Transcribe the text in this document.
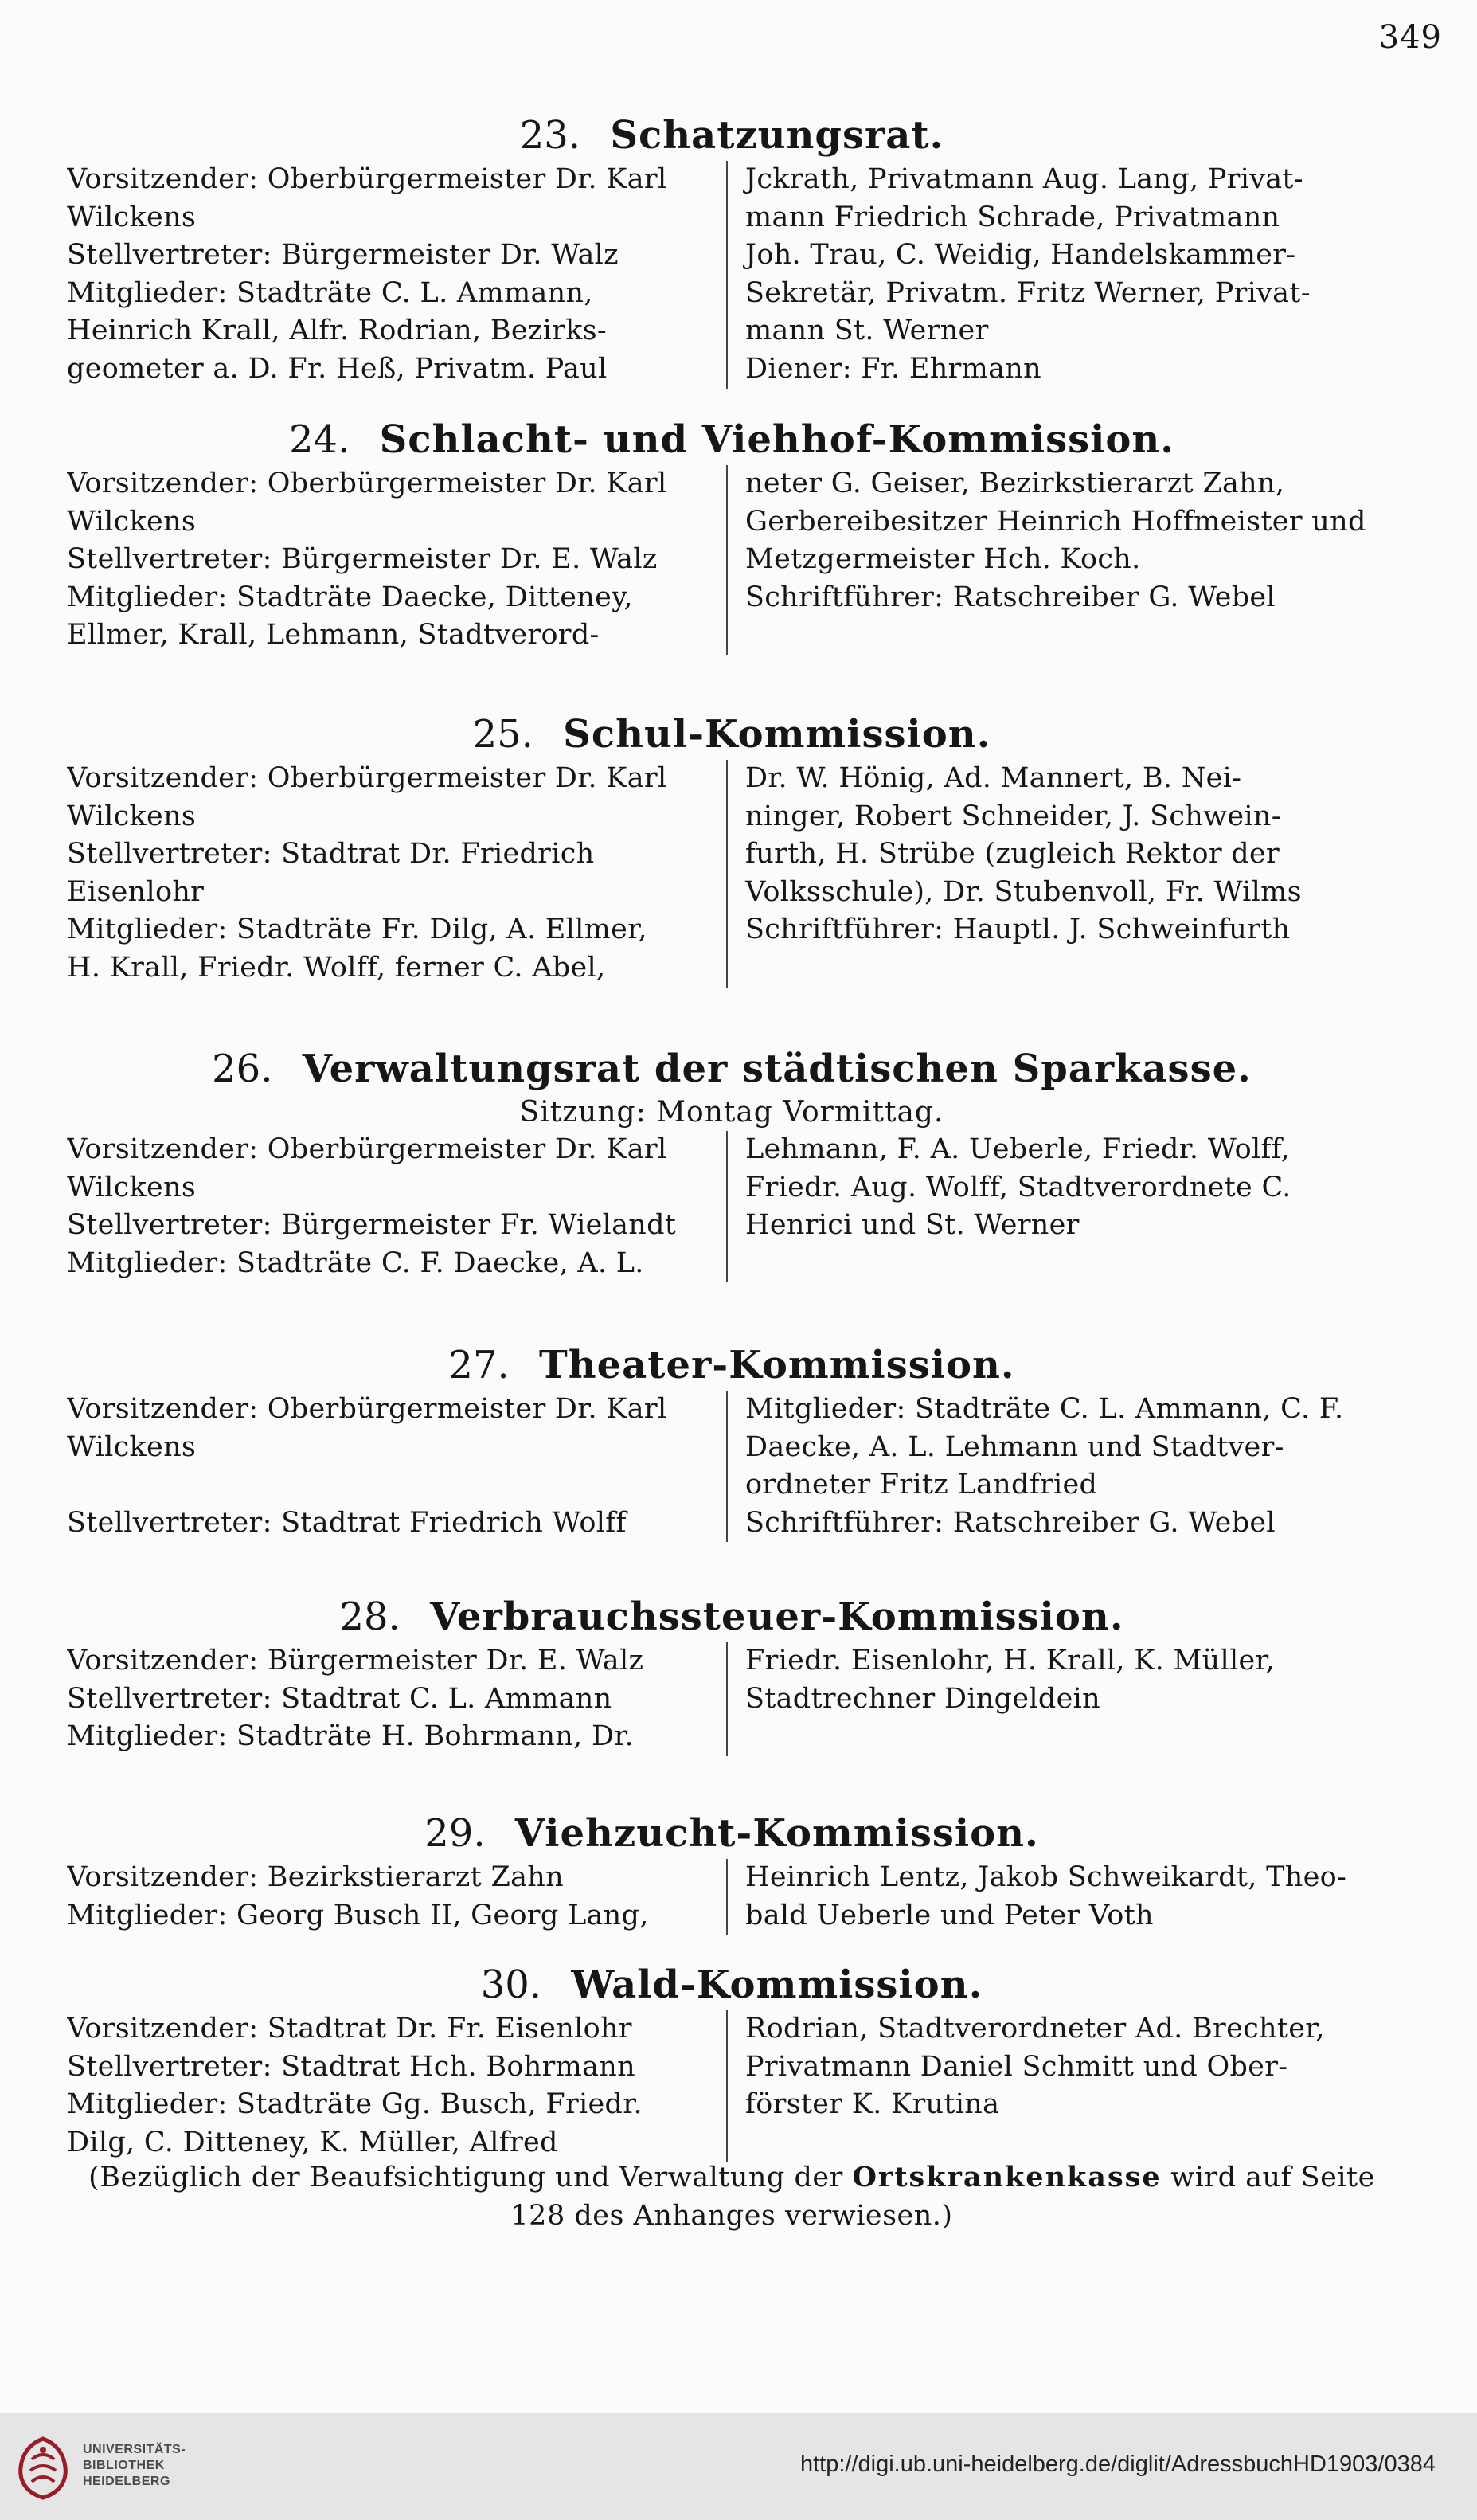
349
23. Schatzungsrat.
Vorsitzender: Oberbürgermeister Dr. Karl
Wilckens
Stellvertreter: Bürgermeister Dr. Walz
Mitglieder: Stadträte C. L. Ammann,
Heinrich Krall, Alfr. Rodrian, Bezirks-
geometer a. D. Fr. Heß, Privatm. Paul
Jckrath, Privatmann Aug. Lang, Privat-
mann Friedrich Schrade, Privatmann
Joh. Trau, C. Weidig, Handelskammer-
Sekretär, Privatm. Fritz Werner, Privat-
mann St. Werner
Diener: Fr. Ehrmann
24. Schlacht- und Viehhof-Kommission.
Vorsitzender: Oberbürgermeister Dr. Karl
Wilckens
Stellvertreter: Bürgermeister Dr. E. Walz
Mitglieder: Stadträte Daecke, Ditteney,
Ellmer, Krall, Lehmann, Stadtverord-
neter G. Geiser, Bezirkstierarzt Zahn,
Gerbereibesitzer Heinrich Hoffmeister und
Metzgermeister Hch. Koch.
Schriftführer: Ratschreiber G. Webel
25. Schul-Kommission.
Vorsitzender: Oberbürgermeister Dr. Karl
Wilckens
Stellvertreter: Stadtrat Dr. Friedrich
Eisenlohr
Mitglieder: Stadträte Fr. Dilg, A. Ellmer,
H. Krall, Friedr. Wolff, ferner C. Abel,
Dr. W. Hönig, Ad. Mannert, B. Nei-
ninger, Robert Schneider, J. Schwein-
furth, H. Strübe (zugleich Rektor der
Volksschule), Dr. Stubenvoll, Fr. Wilms
Schriftführer: Hauptl. J. Schweinfurth
26. Verwaltungsrat der städtischen Sparkasse.
Sitzung: Montag Vormittag.
Vorsitzender: Oberbürgermeister Dr. Karl
Wilckens
Stellvertreter: Bürgermeister Fr. Wielandt
Mitglieder: Stadträte C. F. Daecke, A. L.
Lehmann, F. A. Ueberle, Friedr. Wolff,
Friedr. Aug. Wolff, Stadtverordnete C.
Henrici und St. Werner
27. Theater-Kommission.
Vorsitzender: Oberbürgermeister Dr. Karl
Wilckens

Stellvertreter: Stadtrat Friedrich Wolff
Mitglieder: Stadträte C. L. Ammann, C. F.
Daecke, A. L. Lehmann und Stadtver-
ordneter Fritz Landfried
Schriftführer: Ratschreiber G. Webel
28. Verbrauchssteuer-Kommission.
Vorsitzender: Bürgermeister Dr. E. Walz
Stellvertreter: Stadtrat C. L. Ammann
Mitglieder: Stadträte H. Bohrmann, Dr.
Friedr. Eisenlohr, H. Krall, K. Müller,
Stadtrechner Dingeldein
29. Viehzucht-Kommission.
Vorsitzender: Bezirkstierarzt Zahn
Mitglieder: Georg Busch II, Georg Lang,
Heinrich Lentz, Jakob Schweikardt, Theo-
bald Ueberle und Peter Voth
30. Wald-Kommission.
Vorsitzender: Stadtrat Dr. Fr. Eisenlohr
Stellvertreter: Stadtrat Hch. Bohrmann
Mitglieder: Stadträte Gg. Busch, Friedr.
Dilg, C. Ditteney, K. Müller, Alfred
Rodrian, Stadtverordneter Ad. Brechter,
Privatmann Daniel Schmitt und Ober-
förster K. Krutina
(Bezüglich der Beaufsichtigung und Verwaltung der Ortskrankenkasse wird auf Seite 128 des Anhanges verwiesen.)
UNIVERSITÄTS-
BIBLIOTHEK
HEIDELBERG
http://digi.ub.uni-heidelberg.de/diglit/AdressbuchHD1903/0384
